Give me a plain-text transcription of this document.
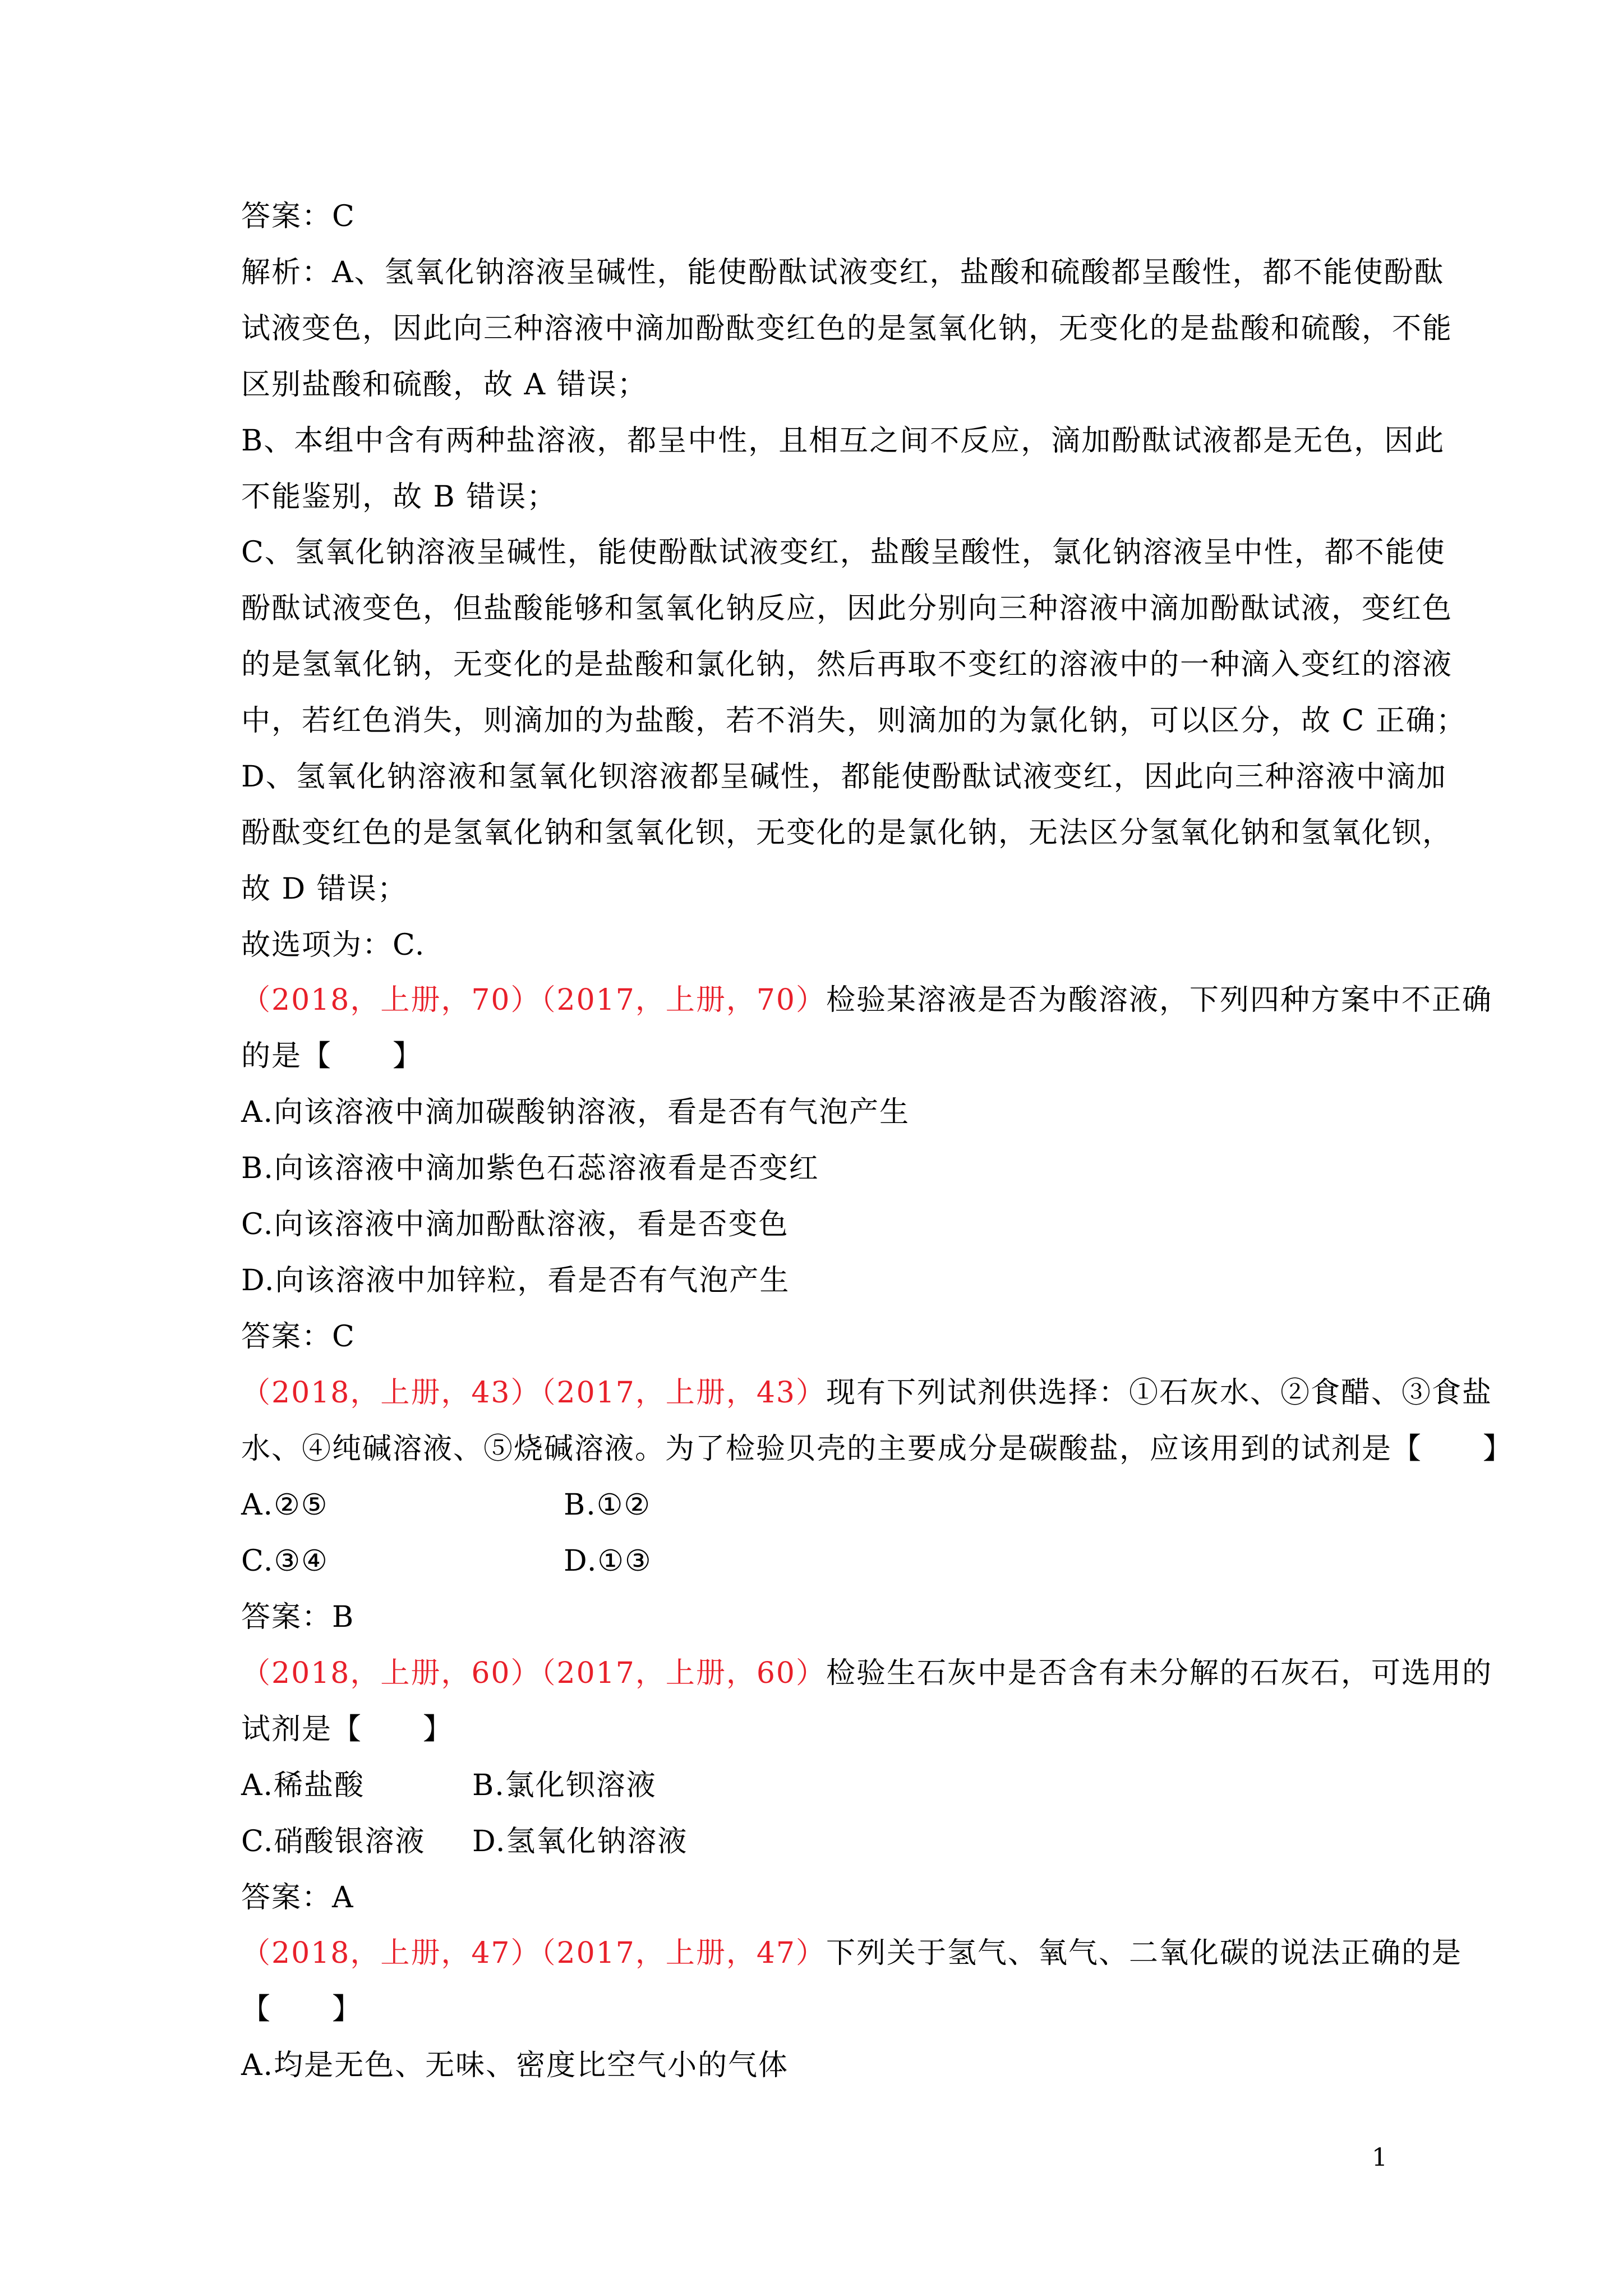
答案：C
解析：A、氢氧化钠溶液呈碱性，能使酚酞试液变红，盐酸和硫酸都呈酸性，都不能使酚酞
试液变色，因此向三种溶液中滴加酚酞变红色的是氢氧化钠，无变化的是盐酸和硫酸，不能
区别盐酸和硫酸，故 A 错误；
B、本组中含有两种盐溶液，都呈中性，且相互之间不反应，滴加酚酞试液都是无色，因此
不能鉴别，故 B 错误；
C、氢氧化钠溶液呈碱性，能使酚酞试液变红，盐酸呈酸性，氯化钠溶液呈中性，都不能使
酚酞试液变色，但盐酸能够和氢氧化钠反应，因此分别向三种溶液中滴加酚酞试液，变红色
的是氢氧化钠，无变化的是盐酸和氯化钠，然后再取不变红的溶液中的一种滴入变红的溶液
中，若红色消失，则滴加的为盐酸，若不消失，则滴加的为氯化钠，可以区分，故 C 正确；
D、氢氧化钠溶液和氢氧化钡溶液都呈碱性，都能使酚酞试液变红，因此向三种溶液中滴加
酚酞变红色的是氢氧化钠和氢氧化钡，无变化的是氯化钠，无法区分氢氧化钠和氢氧化钡，
故 D 错误；
故选项为：C.
（2018，上册，70）（2017，上册，70）检验某溶液是否为酸溶液，下列四种方案中不正确
的是【　　】
A.向该溶液中滴加碳酸钠溶液，看是否有气泡产生
B.向该溶液中滴加紫色石蕊溶液看是否变红
C.向该溶液中滴加酚酞溶液，看是否变色
D.向该溶液中加锌粒，看是否有气泡产生
答案：C
（2018，上册，43）（2017，上册，43）现有下列试剂供选择：①石灰水、②食醋、③食盐
水、④纯碱溶液、⑤烧碱溶液。为了检验贝壳的主要成分是碳酸盐，应该用到的试剂是【　　】
A.②⑤	B.①②
C.③④	D.①③
答案：B
（2018，上册，60）（2017，上册，60）检验生石灰中是否含有未分解的石灰石，可选用的
试剂是【　　】
A.稀盐酸	B.氯化钡溶液
C.硝酸银溶液 D.氢氧化钠溶液
答案：A
（2018，上册，47）（2017，上册，47）下列关于氢气、氧气、二氧化碳的说法正确的是
【　　】
A.均是无色、无味、密度比空气小的气体
1
